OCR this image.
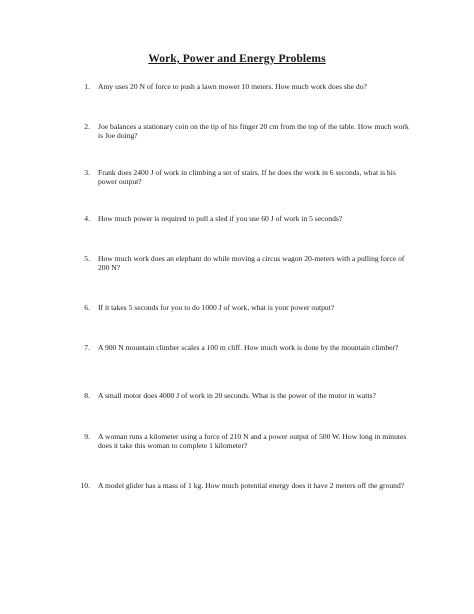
Work, Power and Energy Problems
1. Amy uses 20 N of force to push a lawn mower 10 meters. How much work does she do?
2. Joe balances a stationary coin on the tip of his finger 20 cm from the top of the table. How much work is Joe doing?
3. Frank does 2400 J of work in climbing a set of stairs. If he does the work in 6 seconds, what is his power output?
4. How much power is required to pull a sled if you use 60 J of work in 5 seconds?
5. How much work does an elephant do while moving a circus wagon 20-meters with a pulling force of 200 N?
6. If it takes 5 seconds for you to do 1000 J of work, what is your power output?
7. A 900 N mountain climber scales a 100 m cliff. How much work is done by the mountain climber?
8. A small motor does 4000 J of work in 20 seconds. What is the power of the motor in watts?
9. A woman runs a kilometer using a force of 210 N and a power output of 500 W. How long in minutes does it take this woman to complete 1 kilometer?
10. A model glider has a mass of 1 kg. How much potential energy does it have 2 meters off the ground?
